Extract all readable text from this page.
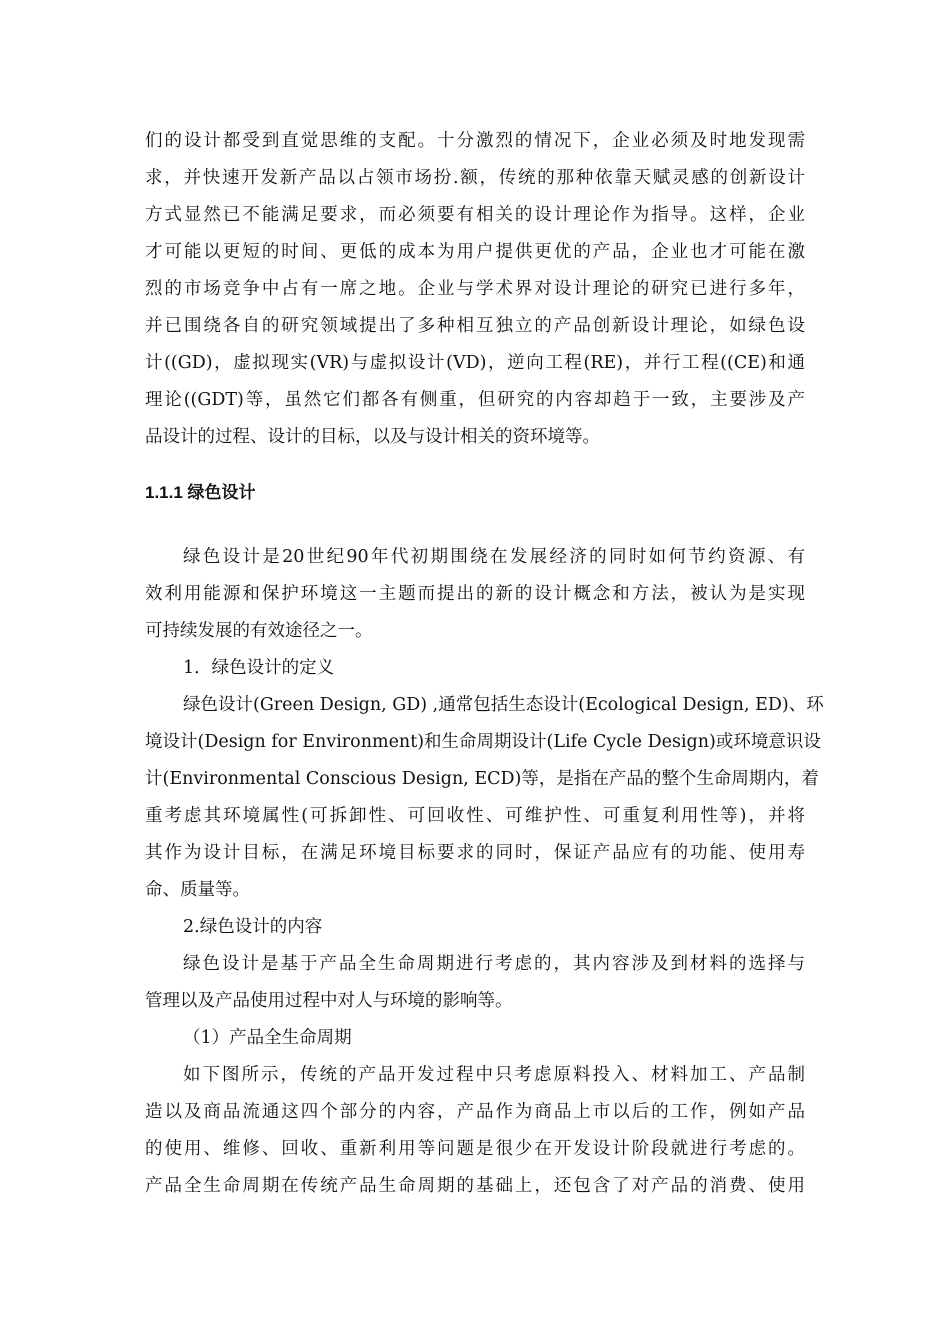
们的设计都受到直觉思维的支配。十分激烈的情况下，企业必须及时地发现需
求，并快速开发新产品以占领市场扮.额，传统的那种依靠天赋灵感的创新设计
方式显然已不能满足要求，而必须要有相关的设计理论作为指导。这样，企业
才可能以更短的时间、更低的成本为用户提供更优的产品，企业也才可能在激
烈的市场竞争中占有一席之地。企业与学术界对设计理论的研究已进行多年，
并已围绕各自的研究领域提出了多种相互独立的产品创新设计理论，如绿色设
计((GD)，虚拟现实(VR)与虚拟设计(VD)，逆向工程(RE)，并行工程((CE)和通
理论((GDT)等，虽然它们都各有侧重，但研究的内容却趋于一致，主要涉及产
品设计的过程、设计的目标，以及与设计相关的资环境等。
1.1.1 绿色设计
绿色设计是20世纪90年代初期围绕在发展经济的同时如何节约资源、有
效利用能源和保护环境这一主题而提出的新的设计概念和方法，被认为是实现
可持续发展的有效途径之一。
1．绿色设计的定义
绿色设计(Green Design, GD) ,通常包括生态设计(Ecological Design, ED)、环
境设计(Design for Environment)和生命周期设计(Life Cycle Design)或环境意识设
计(Environmental Conscious Design, ECD)等，是指在产品的整个生命周期内，着
重考虑其环境属性(可拆卸性、可回收性、可维护性、可重复利用性等)，并将
其作为设计目标，在满足环境目标要求的同时，保证产品应有的功能、使用寿
命、质量等。
2.绿色设计的内容
绿色设计是基于产品全生命周期进行考虑的，其内容涉及到材料的选择与
管理以及产品使用过程中对人与环境的影响等。
（1）产品全生命周期
如下图所示，传统的产品开发过程中只考虑原料投入、材料加工、产品制
造以及商品流通这四个部分的内容，产品作为商品上市以后的工作，例如产品
的使用、维修、回收、重新利用等问题是很少在开发设计阶段就进行考虑的。
产品全生命周期在传统产品生命周期的基础上，还包含了对产品的消费、使用
